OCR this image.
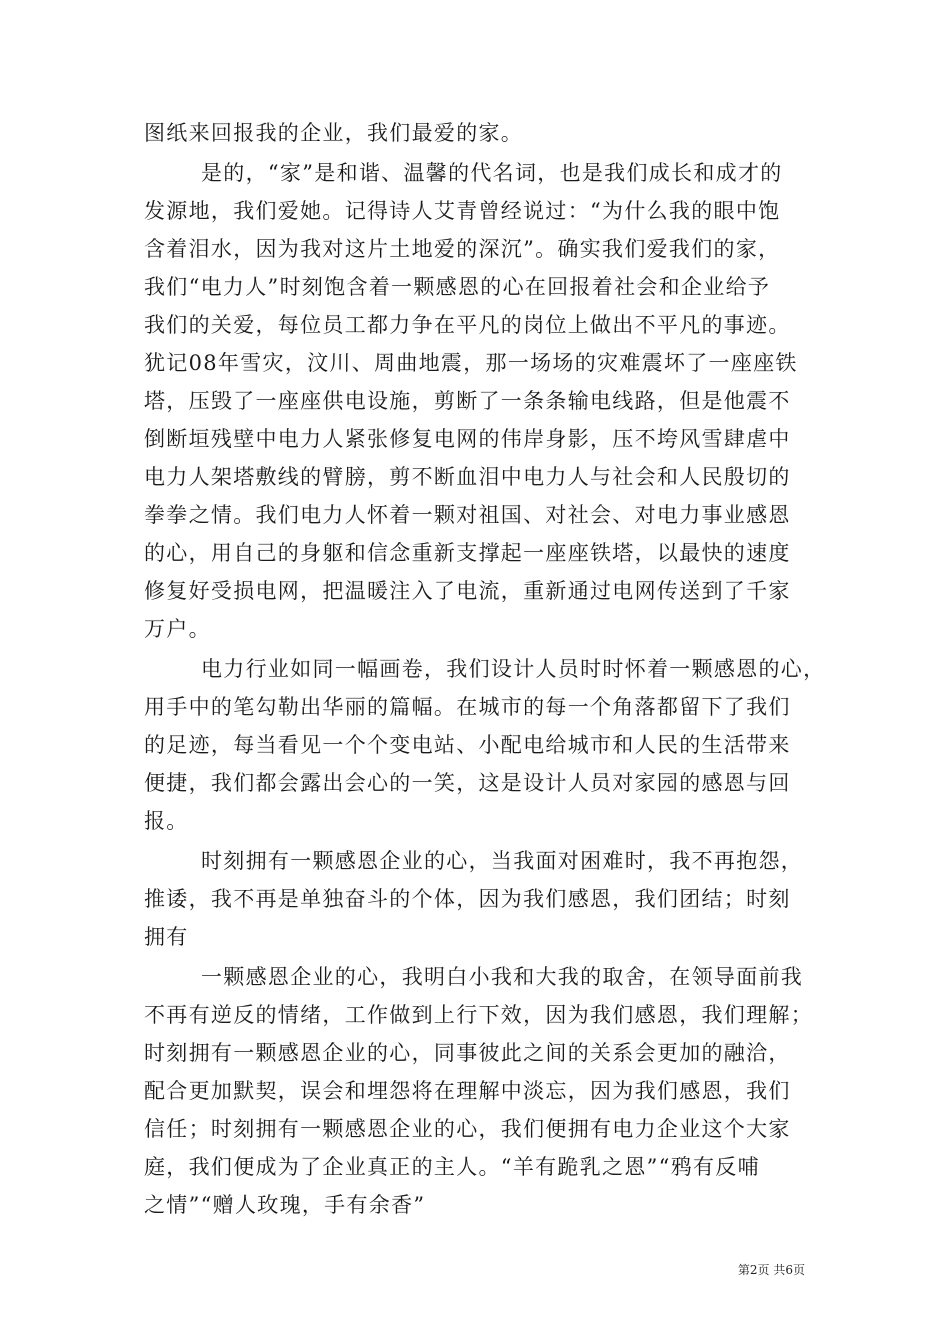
图纸来回报我的企业，我们最爱的家。
是的，“家”是和谐、温馨的代名词，也是我们成长和成才的
发源地，我们爱她。记得诗人艾青曾经说过：“为什么我的眼中饱
含着泪水，因为我对这片土地爱的深沉”。确实我们爱我们的家，
我们“电力人”时刻饱含着一颗感恩的心在回报着社会和企业给予
我们的关爱，每位员工都力争在平凡的岗位上做出不平凡的事迹。
犹记08年雪灾，汶川、周曲地震，那一场场的灾难震坏了一座座铁
塔，压毁了一座座供电设施，剪断了一条条输电线路，但是他震不
倒断垣残壁中电力人紧张修复电网的伟岸身影，压不垮风雪肆虐中
电力人架塔敷线的臂膀，剪不断血泪中电力人与社会和人民殷切的
拳拳之情。我们电力人怀着一颗对祖国、对社会、对电力事业感恩
的心，用自己的身躯和信念重新支撑起一座座铁塔，以最快的速度
修复好受损电网，把温暖注入了电流，重新通过电网传送到了千家
万户。
电力行业如同一幅画卷，我们设计人员时时怀着一颗感恩的心，
用手中的笔勾勒出华丽的篇幅。在城市的每一个角落都留下了我们
的足迹，每当看见一个个变电站、小配电给城市和人民的生活带来
便捷，我们都会露出会心的一笑，这是设计人员对家园的感恩与回
报。
时刻拥有一颗感恩企业的心，当我面对困难时，我不再抱怨，
推诿，我不再是单独奋斗的个体，因为我们感恩，我们团结；时刻
拥有
一颗感恩企业的心，我明白小我和大我的取舍，在领导面前我
不再有逆反的情绪，工作做到上行下效，因为我们感恩，我们理解；
时刻拥有一颗感恩企业的心，同事彼此之间的关系会更加的融洽，
配合更加默契，误会和埋怨将在理解中淡忘，因为我们感恩，我们
信任；时刻拥有一颗感恩企业的心，我们便拥有电力企业这个大家
庭，我们便成为了企业真正的主人。“羊有跪乳之恩”“鸦有反哺
之情”“赠人玫瑰，手有余香”
第2页 共6页
